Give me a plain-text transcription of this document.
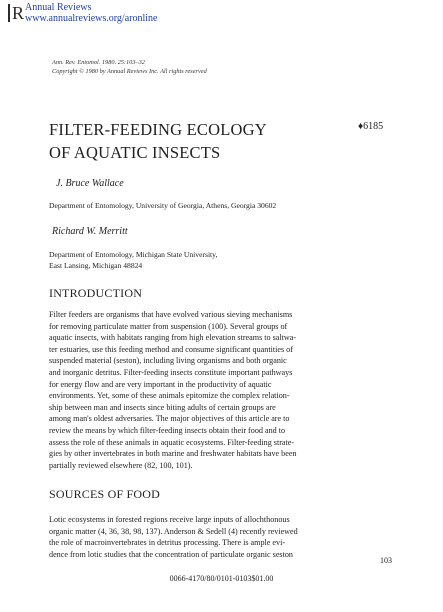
R Annual Reviews
www.annualreviews.org/aronline
Ann. Rev. Entomol. 1980. 25:103–32
Copyright © 1980 by Annual Reviews Inc. All rights reserved
FILTER-FEEDING ECOLOGY
OF AQUATIC INSECTS
♦6185
J. Bruce Wallace
Department of Entomology, University of Georgia, Athens, Georgia 30602
Richard W. Merritt
Department of Entomology, Michigan State University,
East Lansing, Michigan 48824
INTRODUCTION
Filter feeders are organisms that have evolved various sieving mechanisms
for removing particulate matter from suspension (100). Several groups of
aquatic insects, with habitats ranging from high elevation streams to saltwa-
ter estuaries, use this feeding method and consume significant quantities of
suspended material (seston), including living organisms and both organic
and inorganic detritus. Filter-feeding insects constitute important pathways
for energy flow and are very important in the productivity of aquatic
environments. Yet, some of these animals epitomize the complex relation-
ship between man and insects since biting adults of certain groups are
among man's oldest adversaries. The major objectives of this article are to
review the means by which filter-feeding insects obtain their food and to
assess the role of these animals in aquatic ecosystems. Filter-feeding strate-
gies by other invertebrates in both marine and freshwater habitats have been
partially reviewed elsewhere (82, 100, 101).
SOURCES OF FOOD
Lotic ecosystems in forested regions receive large inputs of allochthonous
organic matter (4, 36, 38, 98, 137). Anderson & Sedell (4) recently reviewed
the role of macroinvertebrates in detritus processing. There is ample evi-
dence from lotic studies that the concentration of particulate organic seston
103
0066-4170/80/0101-0103$01.00
